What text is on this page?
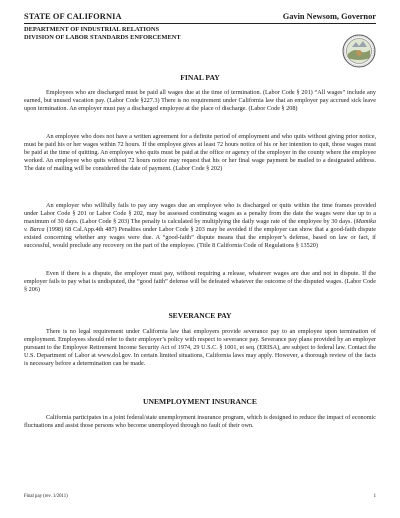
STATE OF CALIFORNIA	Gavin Newsom, Governor
DEPARTMENT OF INDUSTRIAL RELATIONS
DIVISION OF LABOR STANDARDS ENFORCEMENT
FINAL PAY

Employees who are discharged must be paid all wages due at the time of termination. (Labor Code § 201) “All wages” include any earned, but unused vacation pay. (Labor Code §227.3) There is no requirement under California law that an employer pay accrued sick leave upon termination. An employer must pay a discharged employee at the place of discharge. (Labor Code § 208)

An employee who does not have a written agreement for a definite period of employment and who quits without giving prior notice, must be paid his or her wages within 72 hours. If the employee gives at least 72 hours notice of his or her intention to quit, those wages must be paid at the time of quitting. An employee who quits must be paid at the office or agency of the employer in the county where the employee worked. An employee who quits without 72 hours notice may request that his or her final wage payment be mailed to a designated address. The date of mailing will be considered the date of payment. (Labor Code § 202)

An employer who willfully fails to pay any wages due an employee who is discharged or quits within the time frames provided under Labor Code § 201 or Labor Code § 202, may be assessed continuing wages as a penalty from the date the wages were due up to a maximum of 30 days. (Labor Code § 203) The penalty is calculated by multiplying the daily wage rate of the employee by 30 days. (Mamika v. Barca (1998) 68 Cal.App.4th 487) Penalties under Labor Code § 203 may be avoided if the employer can show that a good-faith dispute existed concerning whether any wages were due. A “good-faith” dispute means that the employer’s defense, based on law or fact, if successful, would preclude any recovery on the part of the employee. (Title 8 California Code of Regulations § 13520)

Even if there is a dispute, the employer must pay, without requiring a release, whatever wages are due and not in dispute. If the employer fails to pay what is undisputed, the “good faith” defense will be defeated whatever the outcome of the disputed wages. (Labor Code § 206)

SEVERANCE PAY

There is no legal requirement under California law that employers provide severance pay to an employee upon termination of employment. Employees should refer to their employer’s policy with respect to severance pay. Severance pay plans provided by an employer pursuant to the Employee Retirement Income Security Act of 1974, 29 U.S.C. § 1001, et seq. (ERISA), are subject to federal law. Contact the U.S. Department of Labor at www.dol.gov. In certain limited situations, California laws may apply. However, a thorough review of the facts is necessary before a determination can be made.

UNEMPLOYMENT INSURANCE

California participates in a joint federal/state unemployment insurance program, which is designed to reduce the impact of economic fluctuations and assist those persons who become unemployed through no fault of their own.

Final pay (rev. 1/2011)	1
